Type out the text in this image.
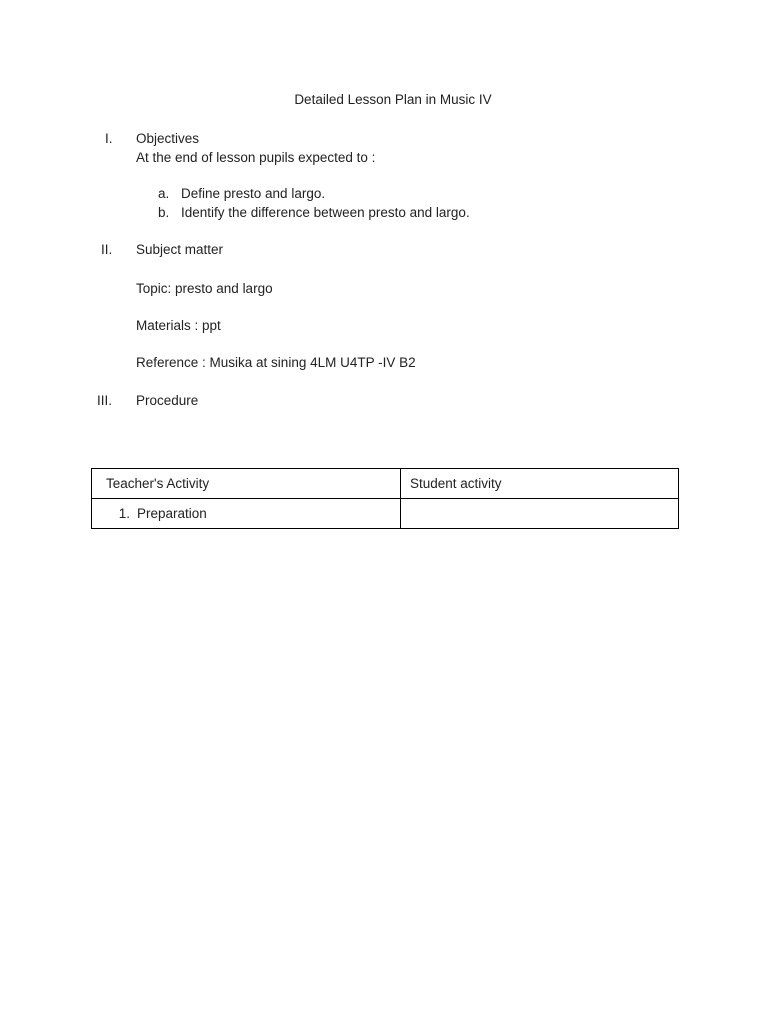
Detailed Lesson Plan in Music IV
I. Objectives
At the end of lesson pupils expected to :
a. Define presto and largo.
b. Identify the difference between presto and largo.
II. Subject matter
Topic: presto and largo
Materials : ppt
Reference : Musika at sining 4LM U4TP -IV B2
III. Procedure
Teacher's Activity	Student activity
1. Preparation	
